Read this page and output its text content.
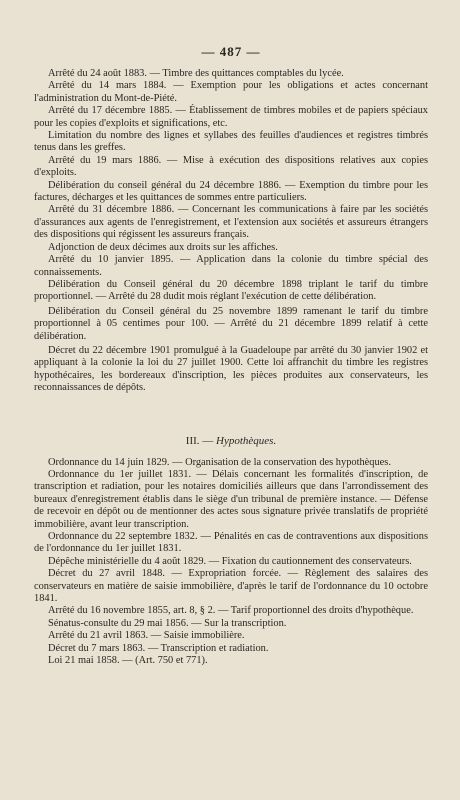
— 487 —

Arrêté du 24 août 1883. — Timbre des quittances comptables du lycée.

Arrêté du 14 mars 1884. — Exemption pour les obligations et actes concernant l'administration du Mont-de-Piété.

Arrêté du 17 décembre 1885. — Établissement de timbres mobiles et de papiers spéciaux pour les copies d'exploits et significations, etc.

Limitation du nombre des lignes et syllabes des feuilles d'audiences et registres timbrés tenus dans les greffes.

Arrêté du 19 mars 1886. — Mise à exécution des dispositions relatives aux copies d'exploits.

Délibération du conseil général du 24 décembre 1886. — Exemption du timbre pour les factures, décharges et les quittances de sommes entre particuliers.

Arrêté du 31 décembre 1886. — Concernant les communications à faire par les sociétés d'assurances aux agents de l'enregistrement, et l'extension aux sociétés et assureurs étrangers des dispositions qui régissent les assureurs français.

Adjonction de deux décimes aux droits sur les affiches.

Arrêté du 10 janvier 1895. — Application dans la colonie du timbre spécial des connaissements.

Délibération du Conseil général du 20 décembre 1898 triplant le tarif du timbre proportionnel. — Arrêté du 28 dudit mois réglant l'exécution de cette délibération.

Délibération du Conseil général du 25 novembre 1899 ramenant le tarif du timbre proportionnel à 05 centimes pour 100. — Arrêté du 21 décembre 1899 relatif à cette délibération.

Décret du 22 décembre 1901 promulgué à la Guadeloupe par arrêté du 30 janvier 1902 et appliquant à la colonie la loi du 27 juillet 1900. Cette loi affranchit du timbre les registres hypothécaires, les bordereaux d'inscription, les pièces produites aux conservateurs, les reconnaissances de dépôts.

III. — Hypothèques.

Ordonnance du 14 juin 1829. — Organisation de la conservation des hypothèques.

Ordonnance du 1er juillet 1831. — Délais concernant les formalités d'inscription, de transcription et radiation, pour les notaires domiciliés ailleurs que dans l'arrondissement des bureaux d'enregistrement établis dans le siège d'un tribunal de première instance. — Défense de recevoir en dépôt ou de mentionner des actes sous signature privée translatifs de propriété immobilière, avant leur transcription.

Ordonnance du 22 septembre 1832. — Pénalités en cas de contraventions aux dispositions de l'ordonnance du 1er juillet 1831.

Dépêche ministérielle du 4 août 1829. — Fixation du cautionnement des conservateurs.

Décret du 27 avril 1848. — Expropriation forcée. — Règlement des salaires des conservateurs en matière de saisie immobilière, d'après le tarif de l'ordonnance du 10 octobre 1841.

Arrêté du 16 novembre 1855, art. 8, § 2. — Tarif proportionnel des droits d'hypothèque.

Sénatus-consulte du 29 mai 1856. — Sur la transcription.

Arrêté du 21 avril 1863. — Saisie immobilière.

Décret du 7 mars 1863. — Transcription et radiation.

Loi 21 mai 1858. — (Art. 750 et 771).
